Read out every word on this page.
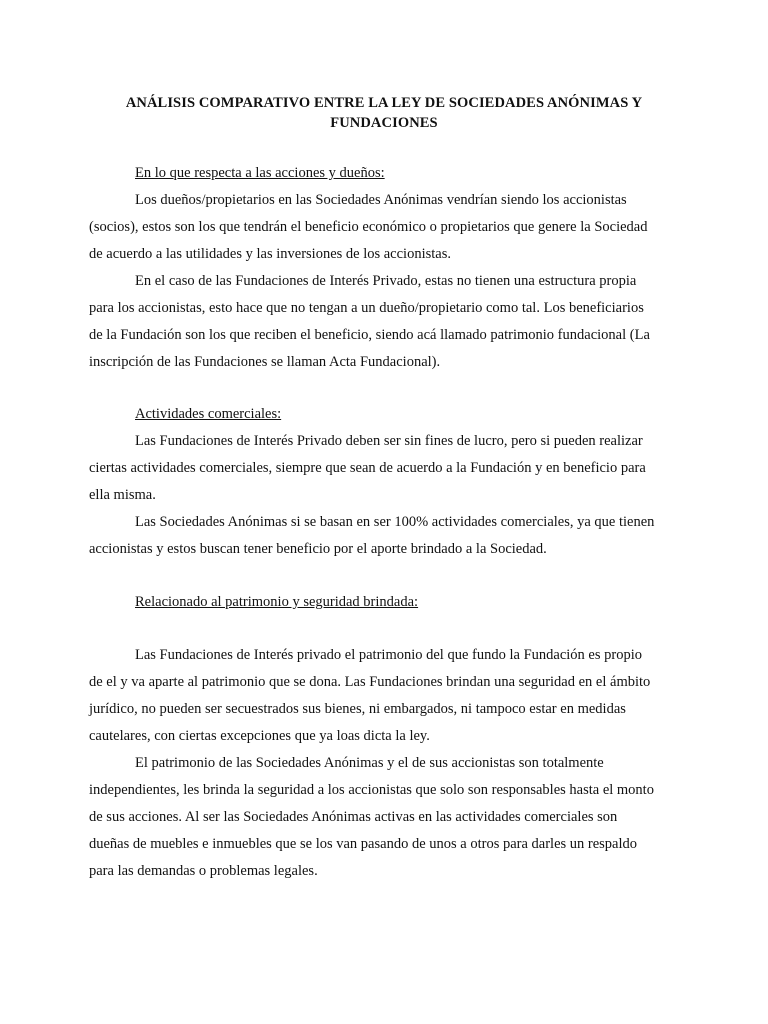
ANÁLISIS COMPARATIVO ENTRE LA LEY DE SOCIEDADES ANÓNIMAS Y
FUNDACIONES
En lo que respecta a las acciones y dueños:
Los dueños/propietarios en las Sociedades Anónimas vendrían siendo los accionistas
(socios), estos son los que tendrán el beneficio económico o propietarios que genere la Sociedad
de acuerdo a las utilidades y las inversiones de los accionistas.
En el caso de las Fundaciones de Interés Privado, estas no tienen una estructura propia
para los accionistas, esto hace que no tengan a un dueño/propietario como tal. Los beneficiarios
de la Fundación son los que reciben el beneficio, siendo acá llamado patrimonio fundacional (La
inscripción de las Fundaciones se llaman Acta Fundacional).
Actividades comerciales:
Las Fundaciones de Interés Privado deben ser sin fines de lucro, pero si pueden realizar
ciertas actividades comerciales, siempre que sean de acuerdo a la Fundación y en beneficio para
ella misma.
Las Sociedades Anónimas si se basan en ser 100% actividades comerciales, ya que tienen
accionistas y estos buscan tener beneficio por el aporte brindado a la Sociedad.
Relacionado al patrimonio y seguridad brindada:
Las Fundaciones de Interés privado el patrimonio del que fundo la Fundación es propio
de el y va aparte al patrimonio que se dona. Las Fundaciones brindan una seguridad en el ámbito
jurídico, no pueden ser secuestrados sus bienes, ni embargados, ni tampoco estar en medidas
cautelares, con ciertas excepciones que ya loas dicta la ley.
El patrimonio de las Sociedades Anónimas y el de sus accionistas son totalmente
independientes, les brinda la seguridad a los accionistas que solo son responsables hasta el monto
de sus acciones. Al ser las Sociedades Anónimas activas en las actividades comerciales son
dueñas de muebles e inmuebles que se los van pasando de unos a otros para darles un respaldo
para las demandas o problemas legales.
